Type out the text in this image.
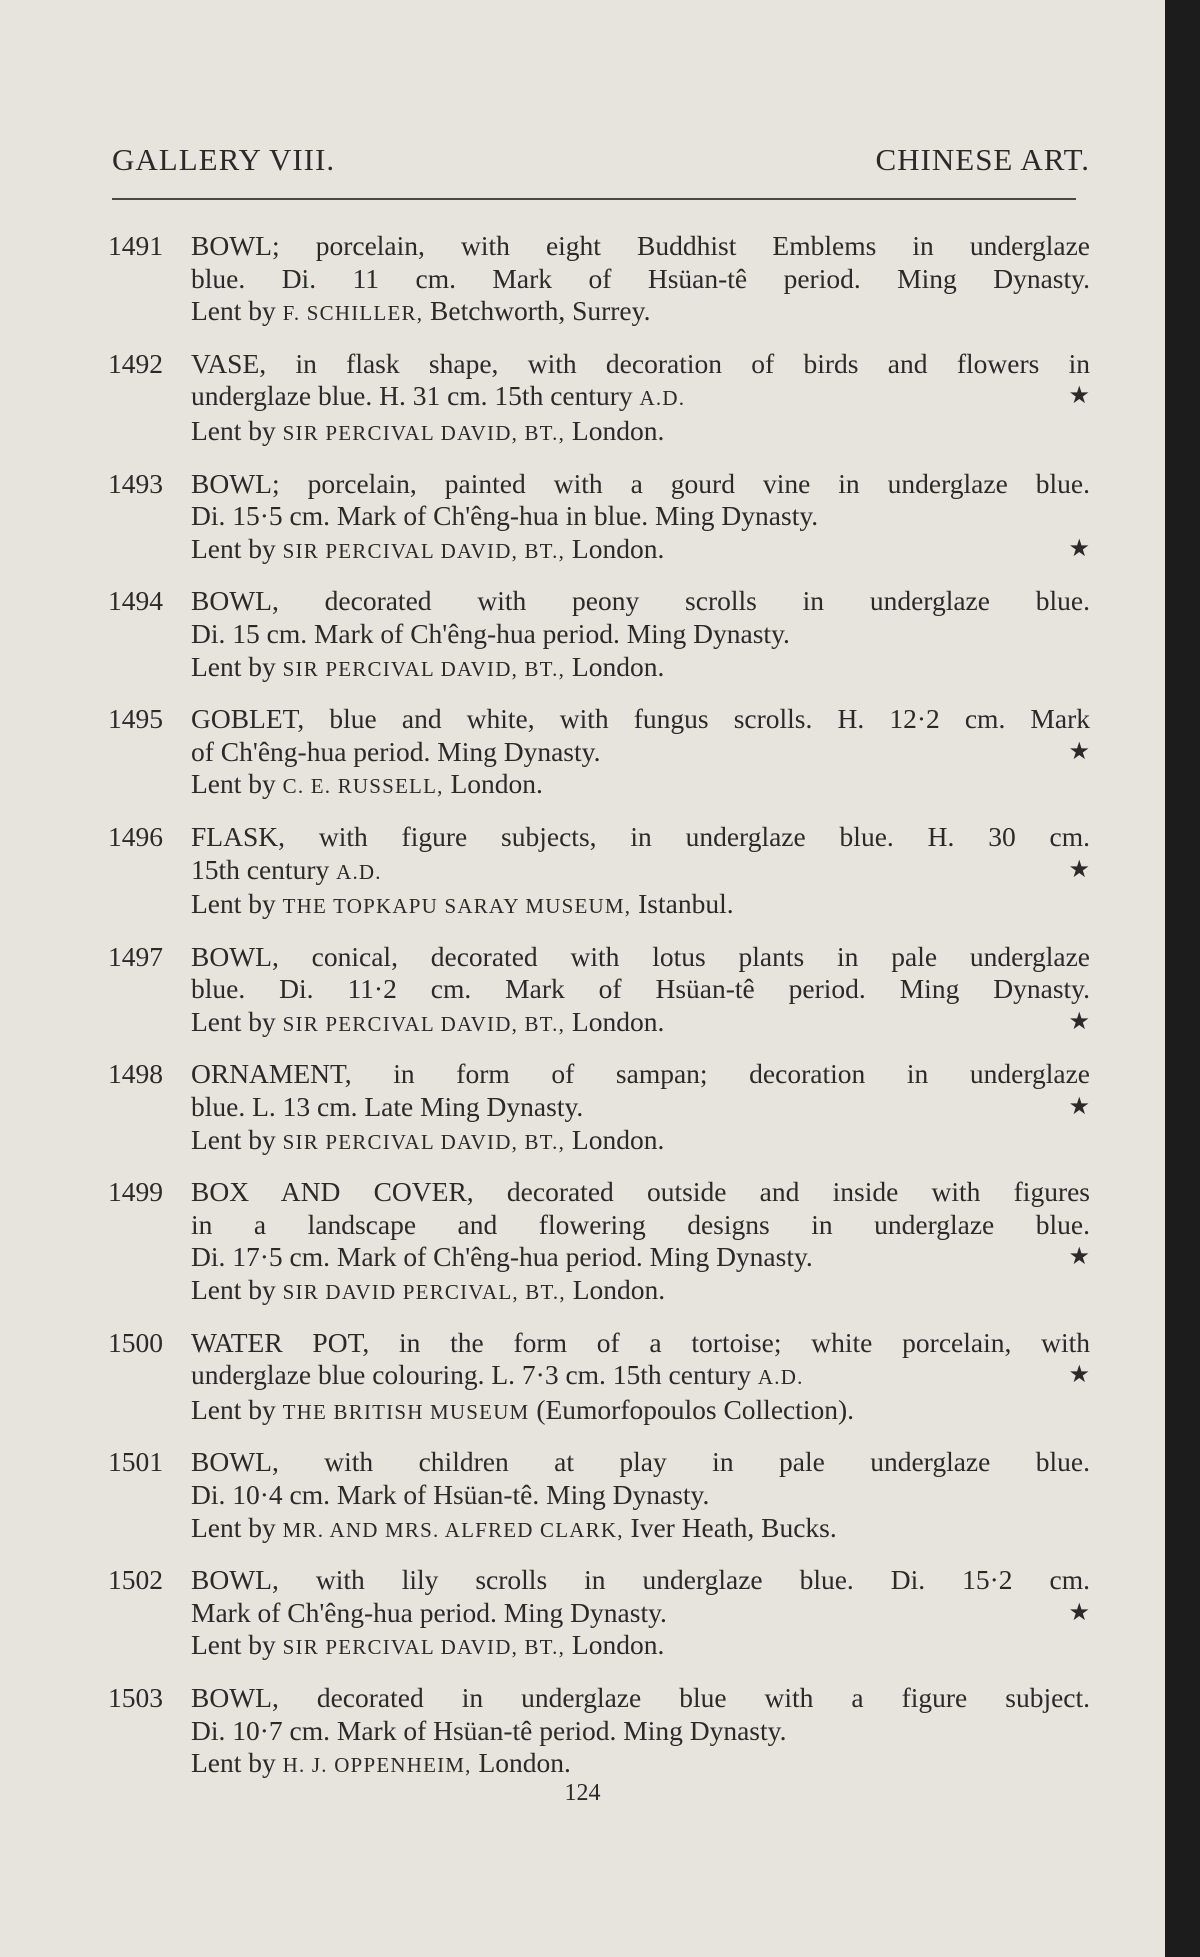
GALLERY VIII.	CHINESE ART.
1491	BOWL; porcelain, with eight Buddhist Emblems in underglaze
blue. Di. 11 cm. Mark of Hsüan-tê period. Ming Dynasty.
Lent by F. SCHILLER, Betchworth, Surrey.
1492	VASE, in flask shape, with decoration of birds and flowers in
underglaze blue. H. 31 cm. 15th century A.D.	★
Lent by SIR PERCIVAL DAVID, BT., London.
1493	BOWL; porcelain, painted with a gourd vine in underglaze blue.
Di. 15·5 cm. Mark of Ch'êng-hua in blue. Ming Dynasty.
Lent by SIR PERCIVAL DAVID, BT., London.	★
1494	BOWL, decorated with peony scrolls in underglaze blue.
Di. 15 cm. Mark of Ch'êng-hua period. Ming Dynasty.
Lent by SIR PERCIVAL DAVID, BT., London.
1495	GOBLET, blue and white, with fungus scrolls. H. 12·2 cm. Mark
of Ch'êng-hua period. Ming Dynasty.	★
Lent by C. E. RUSSELL, London.
1496	FLASK, with figure subjects, in underglaze blue. H. 30 cm.
15th century A.D.	★
Lent by THE TOPKAPU SARAY MUSEUM, Istanbul.
1497	BOWL, conical, decorated with lotus plants in pale underglaze
blue. Di. 11·2 cm. Mark of Hsüan-tê period. Ming Dynasty.
Lent by SIR PERCIVAL DAVID, BT., London.	★
1498	ORNAMENT, in form of sampan; decoration in underglaze
blue. L. 13 cm. Late Ming Dynasty.	★
Lent by SIR PERCIVAL DAVID, BT., London.
1499	BOX AND COVER, decorated outside and inside with figures
in a landscape and flowering designs in underglaze blue.
Di. 17·5 cm. Mark of Ch'êng-hua period. Ming Dynasty.	★
Lent by SIR DAVID PERCIVAL, BT., London.
1500	WATER POT, in the form of a tortoise; white porcelain, with
underglaze blue colouring. L. 7·3 cm. 15th century A.D.	★
Lent by THE BRITISH MUSEUM (Eumorfopoulos Collection).
1501	BOWL, with children at play in pale underglaze blue.
Di. 10·4 cm. Mark of Hsüan-tê. Ming Dynasty.
Lent by MR. AND MRS. ALFRED CLARK, Iver Heath, Bucks.
1502	BOWL, with lily scrolls in underglaze blue. Di. 15·2 cm.
Mark of Ch'êng-hua period. Ming Dynasty.	★
Lent by SIR PERCIVAL DAVID, BT., London.
1503	BOWL, decorated in underglaze blue with a figure subject.
Di. 10·7 cm. Mark of Hsüan-tê period. Ming Dynasty.
Lent by H. J. OPPENHEIM, London.
124
